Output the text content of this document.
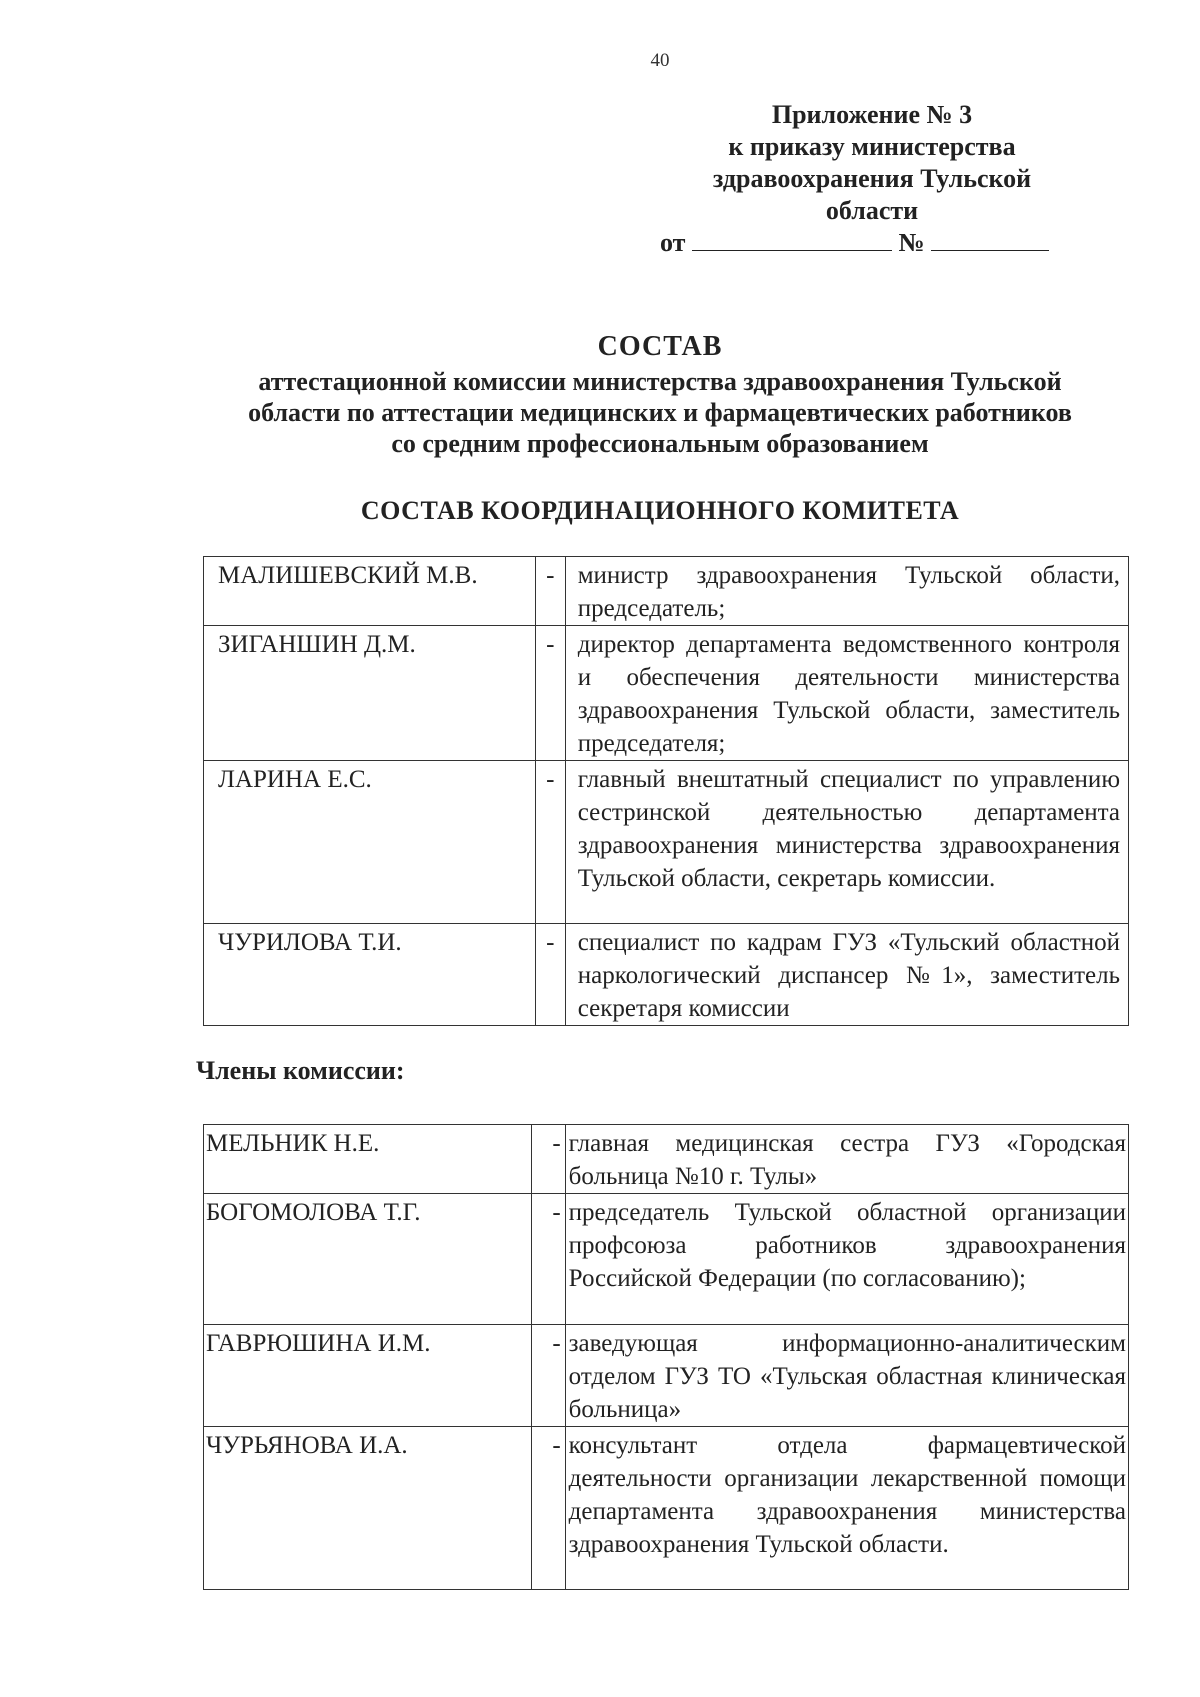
40
Приложение № 3
к приказу министерства
здравоохранения Тульской
области
от	№
СОСТАВ
аттестационной комиссии министерства здравоохранения Тульской
области по аттестации медицинских и фармацевтических работников
со средним профессиональным образованием
СОСТАВ КООРДИНАЦИОННОГО КОМИТЕТА
МАЛИШЕВСКИЙ М.В.	-	министр здравоохранения Тульской области, председатель;
ЗИГАНШИН Д.М.	-	директор департамента ведомственного контроля и обеспечения деятельности министерства здравоохранения Тульской области, заместитель председателя;
ЛАРИНА Е.С.	-	главный внештатный специалист по управлению сестринской деятельностью департамента здравоохранения министерства здравоохранения Тульской области, секретарь комиссии.
ЧУРИЛОВА Т.И.	-	специалист по кадрам ГУЗ «Тульский областной наркологический диспансер №1», заместитель секретаря комиссии
Члены комиссии:
МЕЛЬНИК Н.Е.	-	главная медицинская сестра ГУЗ «Городская больница №10 г. Тулы»
БОГОМОЛОВА Т.Г.	-	председатель Тульской областной организации профсоюза работников здравоохранения Российской Федерации (по согласованию);
ГАВРЮШИНА И.М.	-	заведующая информационно-аналитическим отделом ГУЗ ТО «Тульская областная клиническая больница»
ЧУРЬЯНОВА И.А.	-	консультант отдела фармацевтической деятельности организации лекарственной помощи департамента здравоохранения министерства здравоохранения Тульской области.
